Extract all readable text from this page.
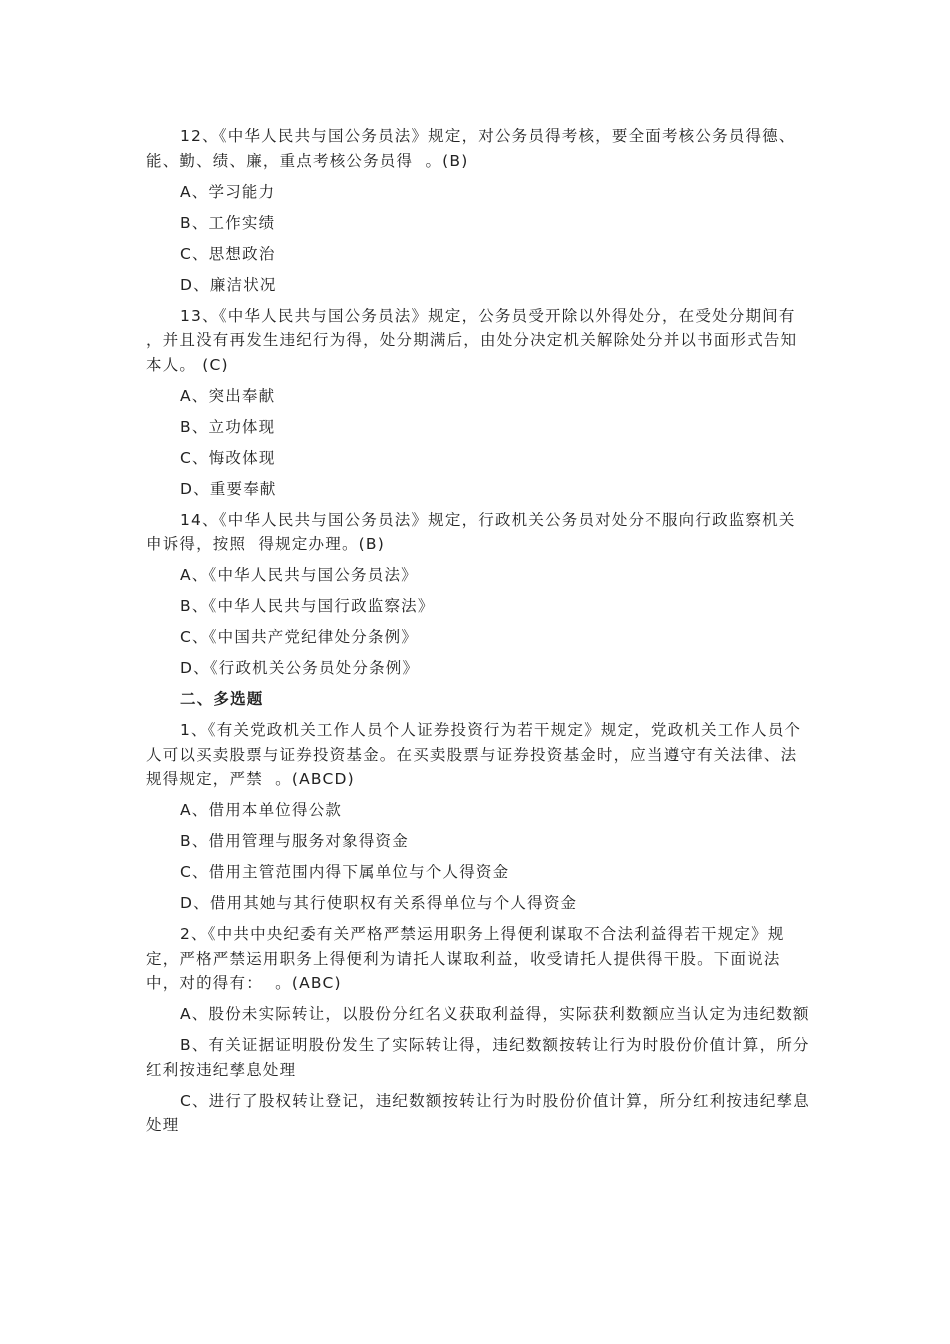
12、《中华人民共与国公务员法》规定，对公务员得考核，要全面考核公务员得德、能、勤、绩、廉，重点考核公务员得  。(B)

A、学习能力

B、工作实绩

C、思想政治

D、廉洁状况

13、《中华人民共与国公务员法》规定，公务员受开除以外得处分，在受处分期间有  ，并且没有再发生违纪行为得，处分期满后，由处分决定机关解除处分并以书面形式告知本人。 (C)

A、突出奉献

B、立功体现

C、悔改体现

D、重要奉献

14、《中华人民共与国公务员法》规定，行政机关公务员对处分不服向行政监察机关申诉得，按照  得规定办理。(B)

A、《中华人民共与国公务员法》

B、《中华人民共与国行政监察法》

C、《中国共产党纪律处分条例》

D、《行政机关公务员处分条例》

二、多选题

1、《有关党政机关工作人员个人证券投资行为若干规定》规定，党政机关工作人员个人可以买卖股票与证券投资基金。在买卖股票与证券投资基金时，应当遵守有关法律、法规得规定，严禁  。(ABCD)

A、借用本单位得公款

B、借用管理与服务对象得资金

C、借用主管范围内得下属单位与个人得资金

D、借用其她与其行使职权有关系得单位与个人得资金

2、《中共中央纪委有关严格严禁运用职务上得便利谋取不合法利益得若干规定》规定，严格严禁运用职务上得便利为请托人谋取利益，收受请托人提供得干股。下面说法中，对的得有：  。(ABC)

A、股份未实际转让，以股份分红名义获取利益得，实际获利数额应当认定为违纪数额

B、有关证据证明股份发生了实际转让得，违纪数额按转让行为时股份价值计算，所分红利按违纪孳息处理

C、进行了股权转让登记，违纪数额按转让行为时股份价值计算，所分红利按违纪孳息处理
